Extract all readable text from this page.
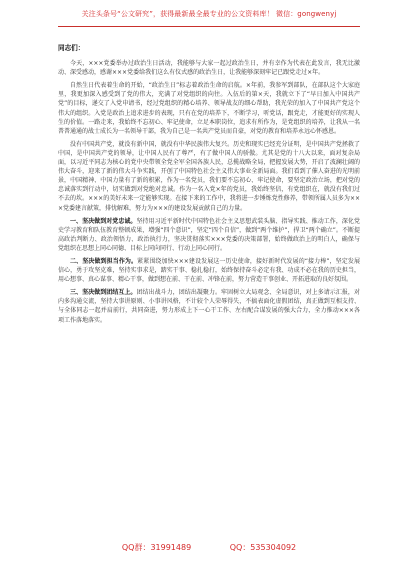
关注头条号“公文研究”，获得最新最全最专业的公文资料库！ 微信：gongwenyj
同志们：

今天，×××党委举办过政治生日活动，我能够与大家一起过政治生日，并有幸作为代表在此发言，我无比激动、深受感动，感谢×××党委给我们这么有仪式感的政治生日，让我能够深刻牢记已跟党走过×年。

自然生日代表着生命的开始，“政治生日”标志着政治生命的启航。×年前，我参军到部队，在部队这个大家庭里，我更加深入感受到了党的伟大，充满了对党组织的向往。入伍后的第×天，我就立下了“早日加入中国共产党”的目标，递交了入党申请书，经过党组织的精心培养、领导战友的细心帮助，我光荣的加入了中国共产党这个伟大的组织。入党是政治上追求进步的表现，只有在党的培养下，不断学习，听党话，跟党走，才能更好的实现人生的价值。一路走来，我始终不忘初心、牢记使命，立足本职岗位，追求有所作为，是党组织的培养，让我从一名普普通通的战士成长为一名领导干部，我为自己是一名共产党员而自豪，对党的教育和培养永远心怀感恩。

没有中国共产党，就没有新中国，就没有中华民族伟大复兴。历史和现实已经充分证明，是中国共产党拯救了中国，是中国共产党的领导，让中国人民有了尊严，有了做中国人的骄傲。尤其是党的十八大以来，面对复杂局面，以习近平同志为核心的党中央带领全党全军全国各族人民，总揽战略全局，把握发展大势，开启了波澜壮阔的伟大奋斗，迎来了新的伟大斗争实践，开创了中国特色社会主义伟大事业全新局面。我们看到了催人奋进的光明前景，中国精神、中国力量有了新的积累，作为一名党员，我们要不忘初心、牢记使命，要坚定政治立场，把对党的忠诚落实到行动中，切实做到对党绝对忠诚。作为一名入党×年的党员，我始终坚信，有党组织在，就没有我们过不去的坎。×××的美好未来一定能够实现。在接下来的工作中，我将进一步锤炼党性修养，带领所属人员多为×××党委建言献策，排忧解难，努力为×××的建设发展贡献自己的力量。

一、坚决做到对党忠诚。坚持用习近平新时代中国特色社会主义思想武装头脑、指导实践、推动工作，深化党史学习教育和队伍教育整顿成果，增强“四个意识”，坚定“四个自信”，做到“两个维护”，捍卫“两个确立”。不断提高政治判断力、政治领悟力、政治执行力，坚决贯彻落实×××党委的决策部署，始终做政治上的明白人，确保与党组织在思想上同心同德、目标上同向同行、行动上同心同行。

二、坚决做到担当作为。紧紧围绕加快×××建设发展这一历史使命，接好新时代发展的“接力棒”，坚定发展信心，勇于攻坚克难，坚持实事求是，踏实干事、稳扎稳打，始终保持奋斗必定有我、功成不必在我的历史担当，用心想事、真心谋事、精心干事，做到想在前、干在前、冲锋在前，努力营造干事创业、开拓进取的良好氛围。

三、坚决做到团结互上。团结出战斗力，团结出凝聚力。牢固树立大局观念、全局意识，对上多请示汇报，对内多沟通交流，坚持大事讲原则、小事讲风格，不计较个人荣辱得失，不搞表面化虚假团结，真正做到互相支持、与全体同志一起并肩前行，共同奋进，努力形成上下一心干工作、左右配合谋发展的强大合力，全力推动×××各项工作落地落实。

QQ群：31991489	QQ：535304092
